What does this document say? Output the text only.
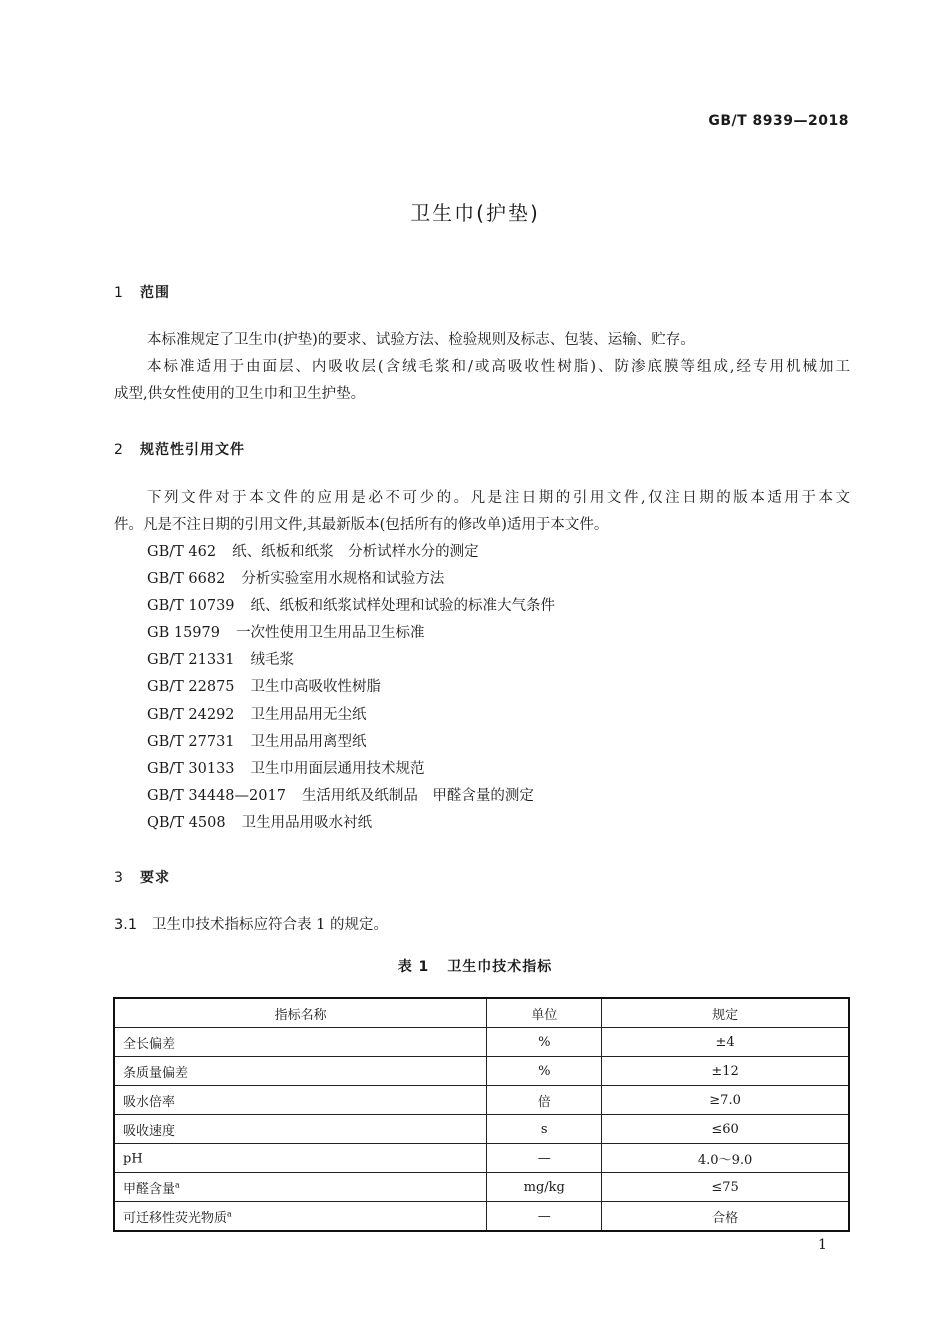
GB/T 8939—2018
卫生巾(护垫)
1 范围
本标准规定了卫生巾(护垫)的要求、试验方法、检验规则及标志、包装、运输、贮存。
本标准适用于由面层、内吸收层(含绒毛浆和/或高吸收性树脂)、防渗底膜等组成,经专用机械加工
成型,供女性使用的卫生巾和卫生护垫。
2 规范性引用文件
下列文件对于本文件的应用是必不可少的。凡是注日期的引用文件,仅注日期的版本适用于本文
件。凡是不注日期的引用文件,其最新版本(包括所有的修改单)适用于本文件。
GB/T 462 纸、纸板和纸浆　分析试样水分的测定
GB/T 6682 分析实验室用水规格和试验方法
GB/T 10739 纸、纸板和纸浆试样处理和试验的标准大气条件
GB 15979 一次性使用卫生用品卫生标准
GB/T 21331 绒毛浆
GB/T 22875 卫生巾高吸收性树脂
GB/T 24292 卫生用品用无尘纸
GB/T 27731 卫生用品用离型纸
GB/T 30133 卫生巾用面层通用技术规范
GB/T 34448—2017 生活用纸及纸制品　甲醛含量的测定
QB/T 4508 卫生用品用吸水衬纸
3 要求
3.1 卫生巾技术指标应符合表 1 的规定。
表 1 卫生巾技术指标
指标名称	单位	规定
全长偏差	%	±4
条质量偏差	%	±12
吸水倍率	倍	≥7.0
吸收速度	s	≤60
pH	—	4.0～9.0
甲醛含量$^a$	mg/kg	≤75
可迁移性荧光物质$^a$	—	合格
1
